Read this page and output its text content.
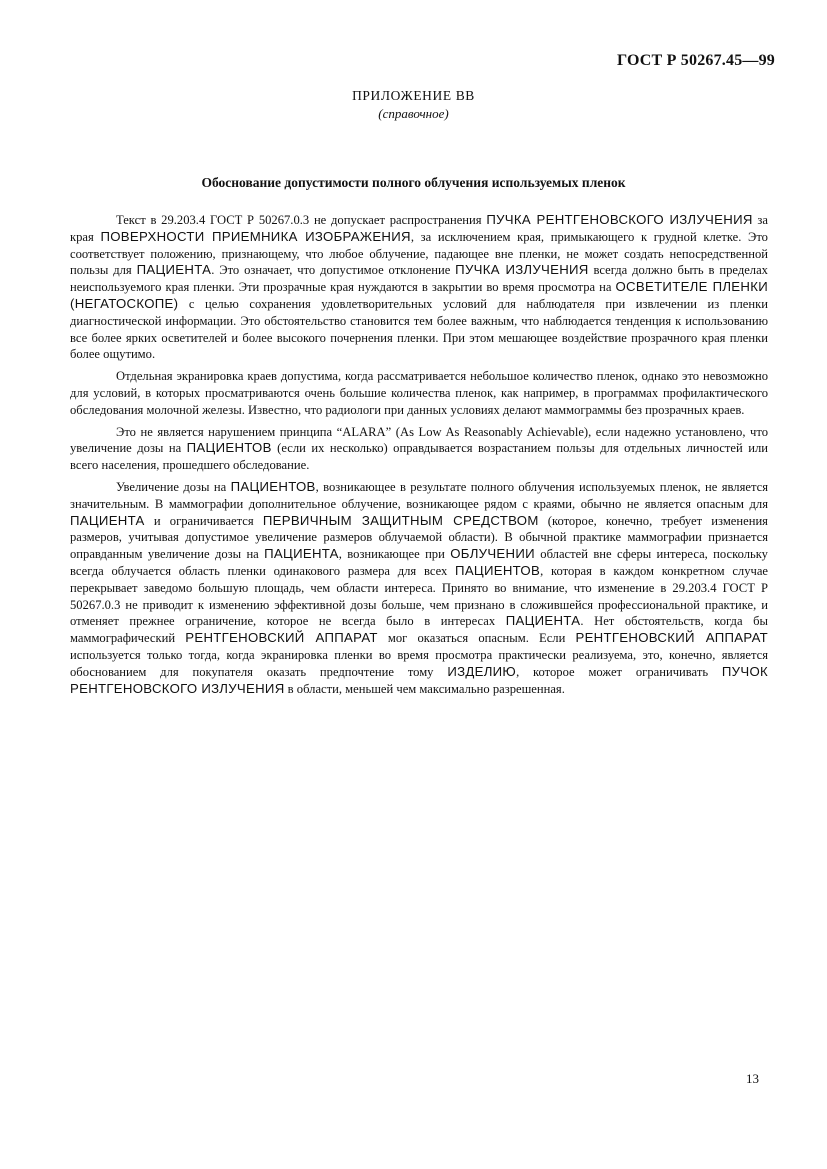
ГОСТ Р 50267.45—99
ПРИЛОЖЕНИЕ ВВ
(справочное)
Обоснование допустимости полного облучения используемых пленок

Текст в 29.203.4 ГОСТ Р 50267.0.3 не допускает распространения ПУЧКА РЕНТГЕНОВСКОГО ИЗЛУЧЕНИЯ за края ПОВЕРХНОСТИ ПРИЕМНИКА ИЗОБРАЖЕНИЯ, за исключением края, примыкающего к грудной клетке. Это соответствует положению, признающему, что любое облучение, падающее вне пленки, не может создать непосредственной пользы для ПАЦИЕНТА. Это означает, что допустимое отклонение ПУЧКА ИЗЛУЧЕНИЯ всегда должно быть в пределах неиспользуемого края пленки. Эти прозрачные края нуждаются в закрытии во время просмотра на ОСВЕТИТЕЛЕ ПЛЕНКИ (НЕГАТОСКОПЕ) с целью сохранения удовлетворительных условий для наблюдателя при извлечении из пленки диагностической информации. Это обстоятельство становится тем более важным, что наблюдается тенденция к использованию все более ярких осветителей и более высокого почернения пленки. При этом мешающее воздействие прозрачного края пленки более ощутимо.

Отдельная экранировка краев допустима, когда рассматривается небольшое количество пленок, однако это невозможно для условий, в которых просматриваются очень большие количества пленок, как например, в программах профилактического обследования молочной железы. Известно, что радиологи при данных условиях делают маммограммы без прозрачных краев.

Это не является нарушением принципа “ALARA” (As Low As Reasonably Achievable), если надежно установлено, что увеличение дозы на ПАЦИЕНТОВ (если их несколько) оправдывается возрастанием пользы для отдельных личностей или всего населения, прошедшего обследование.

Увеличение дозы на ПАЦИЕНТОВ, возникающее в результате полного облучения используемых пленок, не является значительным. В маммографии дополнительное облучение, возникающее рядом с краями, обычно не является опасным для ПАЦИЕНТА и ограничивается ПЕРВИЧНЫМ ЗАЩИТНЫМ СРЕДСТВОМ (которое, конечно, требует изменения размеров, учитывая допустимое увеличение размеров облучаемой области). В обычной практике маммографии признается оправданным увеличение дозы на ПАЦИЕНТА, возникающее при ОБЛУЧЕНИИ областей вне сферы интереса, поскольку всегда облучается область пленки одинакового размера для всех ПАЦИЕНТОВ, которая в каждом конкретном случае перекрывает заведомо большую площадь, чем области интереса. Принято во внимание, что изменение в 29.203.4 ГОСТ Р 50267.0.3 не приводит к изменению эффективной дозы больше, чем признано в сложившейся профессиональной практике, и отменяет прежнее ограничение, которое не всегда было в интересах ПАЦИЕНТА. Нет обстоятельств, когда бы маммографический РЕНТГЕНОВСКИЙ АППАРАТ мог оказаться опасным. Если РЕНТГЕНОВСКИЙ АППАРАТ используется только тогда, когда экранировка пленки во время просмотра практически реализуема, это, конечно, является обоснованием для покупателя оказать предпочтение тому ИЗДЕЛИЮ, которое может ограничивать ПУЧОК РЕНТГЕНОВСКОГО ИЗЛУЧЕНИЯ в области, меньшей чем максимально разрешенная.

13
